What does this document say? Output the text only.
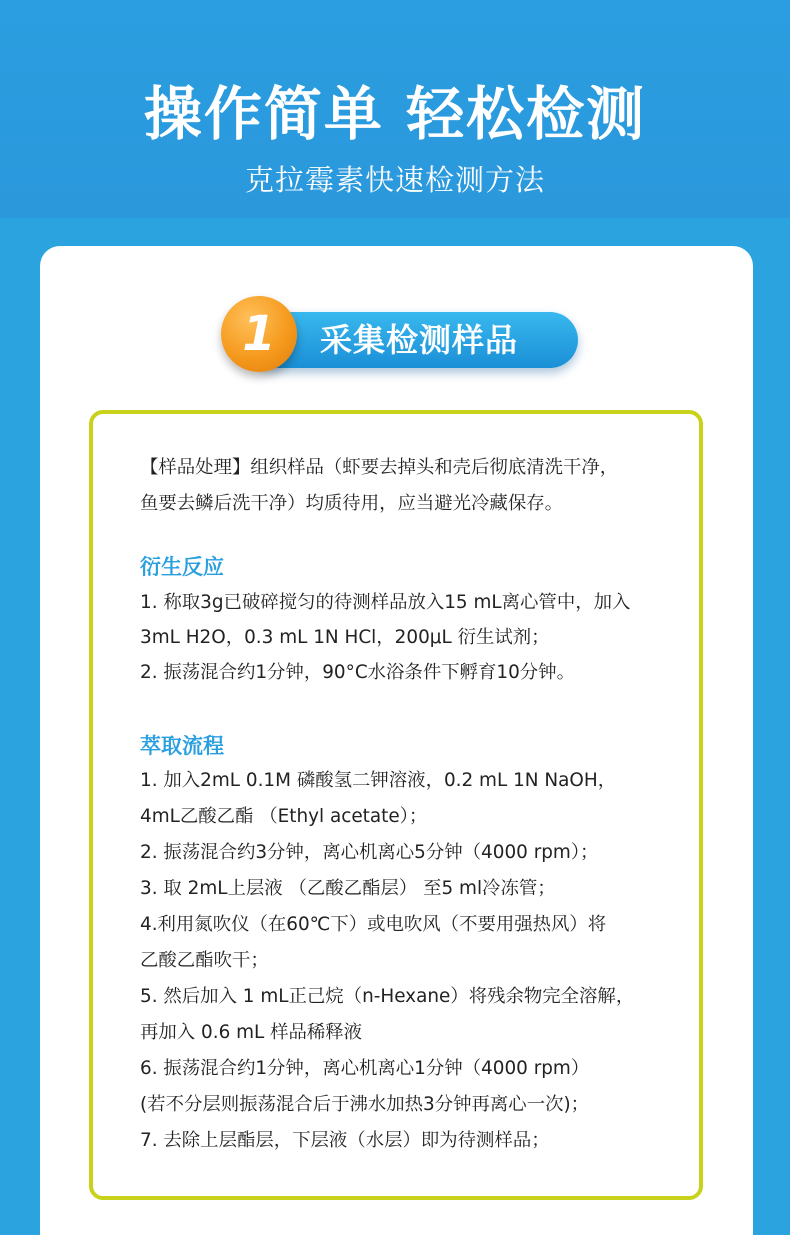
操作简单 轻松检测
克拉霉素快速检测方法
采集检测样品
1
【样品处理】组织样品（虾要去掉头和壳后彻底清洗干净，
鱼要去鳞后洗干净）均质待用，应当避光冷藏保存。
衍生反应
1. 称取3g已破碎搅匀的待测样品放入15 mL离心管中，加入
3mL H2O，0.3 mL 1N HCl，200μL 衍生试剂；
2. 振荡混合约1分钟，90°C水浴条件下孵育10分钟。
萃取流程
1. 加入2mL 0.1M 磷酸氢二钾溶液，0.2 mL 1N NaOH，
4mL乙酸乙酯 （Ethyl acetate）；
2. 振荡混合约3分钟，离心机离心5分钟（4000 rpm）；
3. 取 2mL上层液 （乙酸乙酯层） 至5 ml冷冻管；
4.利用氮吹仪（在60℃下）或电吹风（不要用强热风）将
乙酸乙酯吹干；
5. 然后加入 1 mL正己烷（n-Hexane）将残余物完全溶解，
再加入 0.6 mL 样品稀释液
6. 振荡混合约1分钟，离心机离心1分钟（4000 rpm）
(若不分层则振荡混合后于沸水加热3分钟再离心一次)；
7. 去除上层酯层，下层液（水层）即为待测样品；
